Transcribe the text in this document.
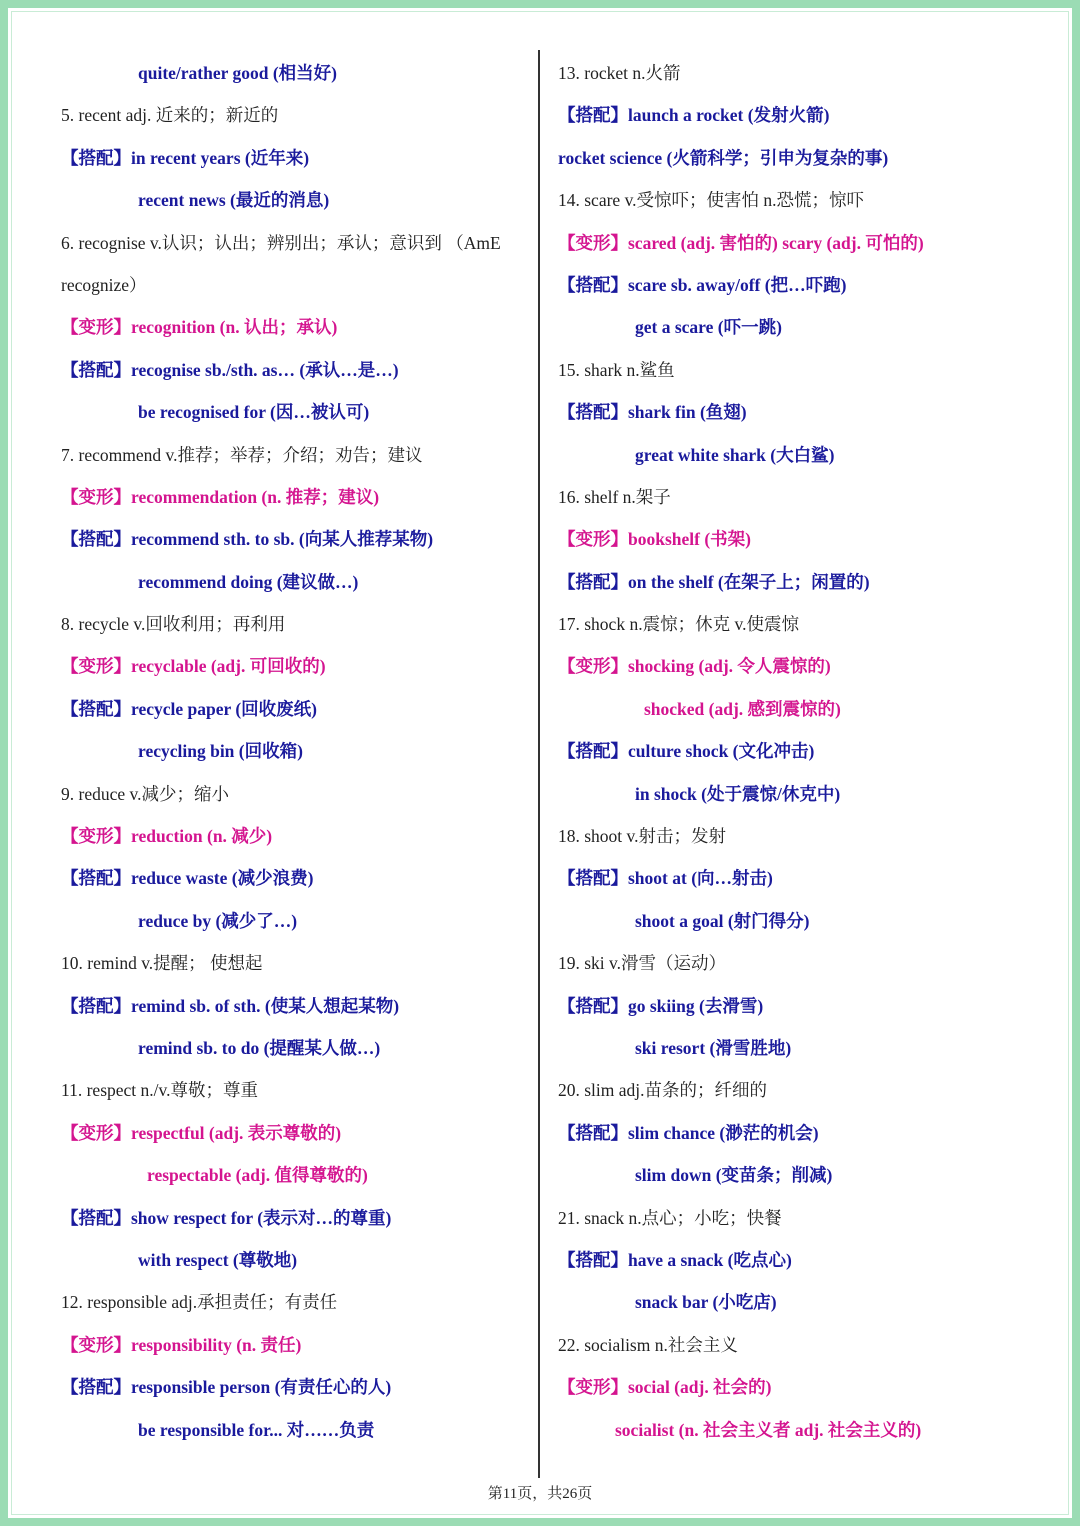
quite/rather good (相当好)
5. recent adj. 近来的；新近的
【搭配】in recent years (近年来)
recent news (最近的消息)
6. recognise v.认识；认出；辨别出；承认；意识到 （AmE
recognize）
【变形】recognition (n. 认出；承认)
【搭配】recognise sb./sth. as… (承认…是…)
be recognised for (因…被认可)
7. recommend v.推荐；举荐；介绍；劝告；建议
【变形】recommendation (n. 推荐；建议)
【搭配】recommend sth. to sb. (向某人推荐某物)
recommend doing (建议做…)
8. recycle v.回收利用；再利用
【变形】recyclable (adj. 可回收的)
【搭配】recycle paper (回收废纸)
recycling bin (回收箱)
9. reduce v.减少；缩小
【变形】reduction (n. 减少)
【搭配】reduce waste (减少浪费)
reduce by (减少了…)
10. remind v.提醒； 使想起
【搭配】remind sb. of sth. (使某人想起某物)
remind sb. to do (提醒某人做…)
11. respect n./v.尊敬；尊重
【变形】respectful (adj. 表示尊敬的)
respectable (adj. 值得尊敬的)
【搭配】show respect for (表示对…的尊重)
with respect (尊敬地)
12. responsible adj.承担责任；有责任
【变形】responsibility (n. 责任)
【搭配】responsible person (有责任心的人)
be responsible for... 对……负责
13. rocket n.火箭
【搭配】launch a rocket (发射火箭)
rocket science (火箭科学；引申为复杂的事)
14. scare v.受惊吓；使害怕 n.恐慌；惊吓
【变形】scared (adj. 害怕的) scary (adj. 可怕的)
【搭配】scare sb. away/off (把…吓跑)
get a scare (吓一跳)
15. shark n.鲨鱼
【搭配】shark fin (鱼翅)
great white shark (大白鲨)
16. shelf n.架子
【变形】bookshelf (书架)
【搭配】on the shelf (在架子上；闲置的)
17. shock n.震惊；休克 v.使震惊
【变形】shocking (adj. 令人震惊的)
shocked (adj. 感到震惊的)
【搭配】culture shock (文化冲击)
in shock (处于震惊/休克中)
18. shoot v.射击；发射
【搭配】shoot at (向…射击)
shoot a goal (射门得分)
19. ski v.滑雪（运动）
【搭配】go skiing (去滑雪)
ski resort (滑雪胜地)
20. slim adj.苗条的；纤细的
【搭配】slim chance (渺茫的机会)
slim down (变苗条；削减)
21. snack n.点心；小吃；快餐
【搭配】have a snack (吃点心)
snack bar (小吃店)
22. socialism n.社会主义
【变形】social (adj. 社会的)
socialist (n. 社会主义者 adj. 社会主义的)
第11页，共26页
